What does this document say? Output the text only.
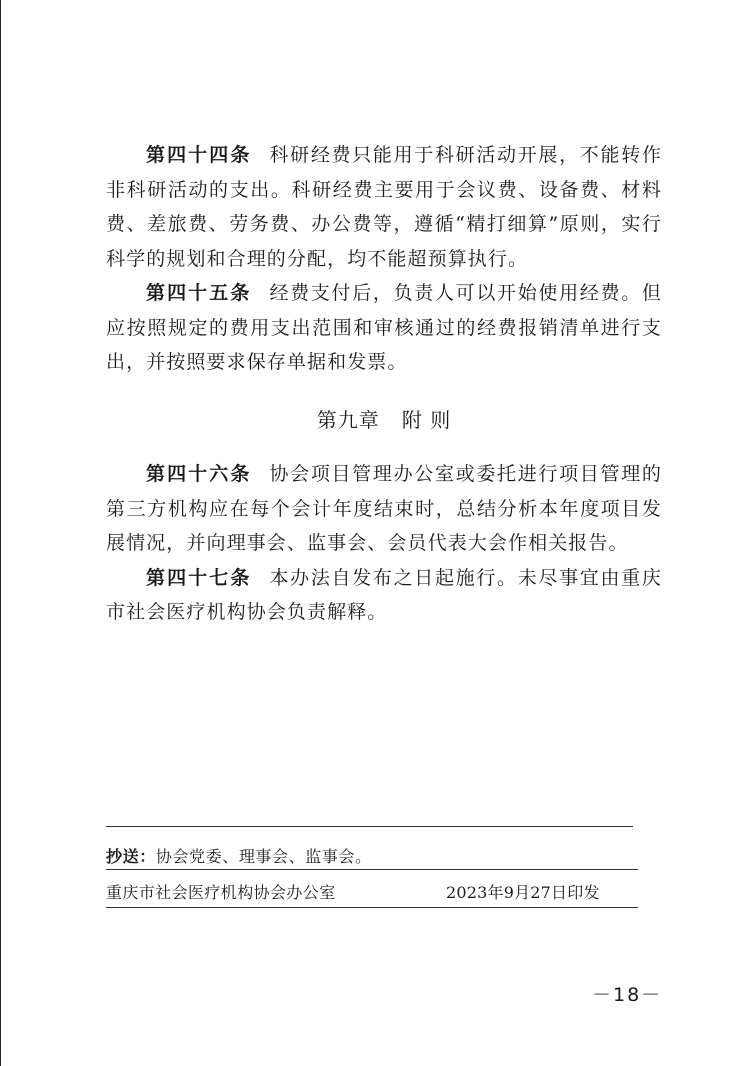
第四十四条 科研经费只能用于科研活动开展，不能转作非科研活动的支出。科研经费主要用于会议费、设备费、材料费、差旅费、劳务费、办公费等，遵循“精打细算”原则，实行科学的规划和合理的分配，均不能超预算执行。

第四十五条 经费支付后，负责人可以开始使用经费。但应按照规定的费用支出范围和审核通过的经费报销清单进行支出，并按照要求保存单据和发票。

第九章   附 则

第四十六条 协会项目管理办公室或委托进行项目管理的第三方机构应在每个会计年度结束时，总结分析本年度项目发展情况，并向理事会、监事会、会员代表大会作相关报告。

第四十七条 本办法自发布之日起施行。未尽事宜由重庆市社会医疗机构协会负责解释。

抄送：协会党委、理事会、监事会。
重庆市社会医疗机构协会办公室	2023年9月27日印发
－18－
